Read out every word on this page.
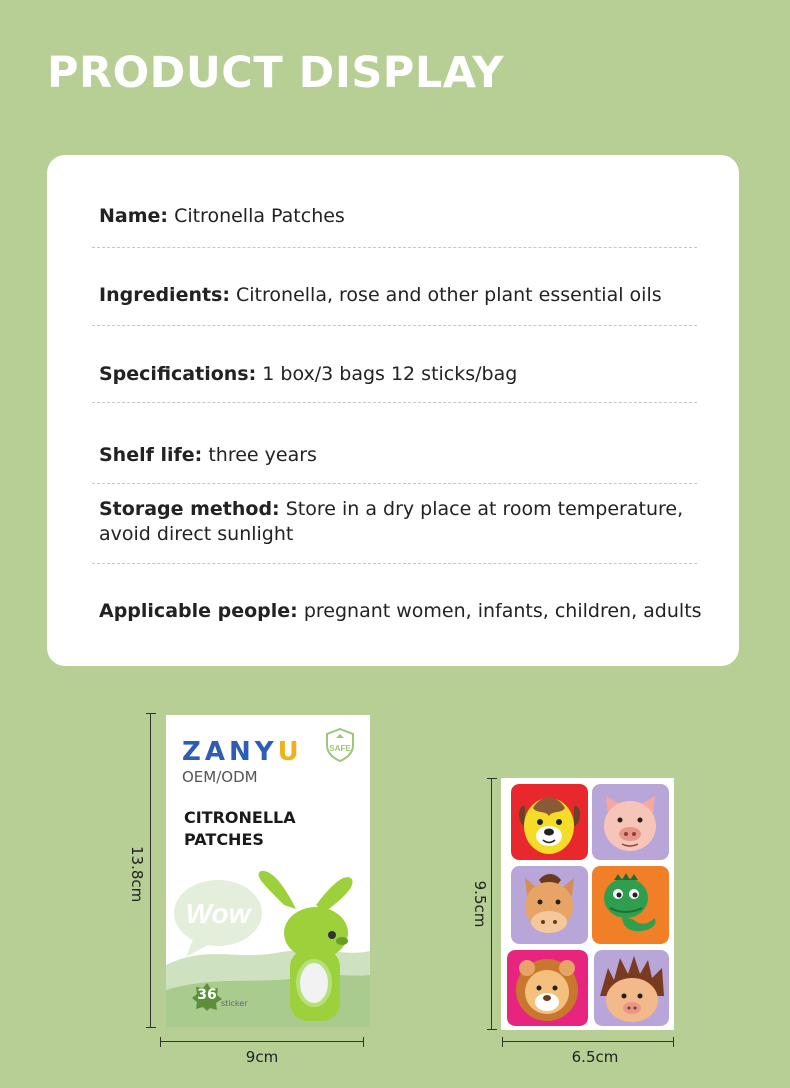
PRODUCT DISPLAY
Name: Citronella Patches
Ingredients: Citronella, rose and other plant essential oils
Specifications: 1 box/3 bags 12 sticks/bag
Shelf life: three years
Storage method: Store in a dry place at room temperature, avoid direct sunlight
Applicable people: pregnant women, infants, children, adults
ZANYU
OEM/ODM
SAFE
CITRONELLA
PATCHES
Wow
36
sticker
13.8cm
9cm
9.5cm
6.5cm
